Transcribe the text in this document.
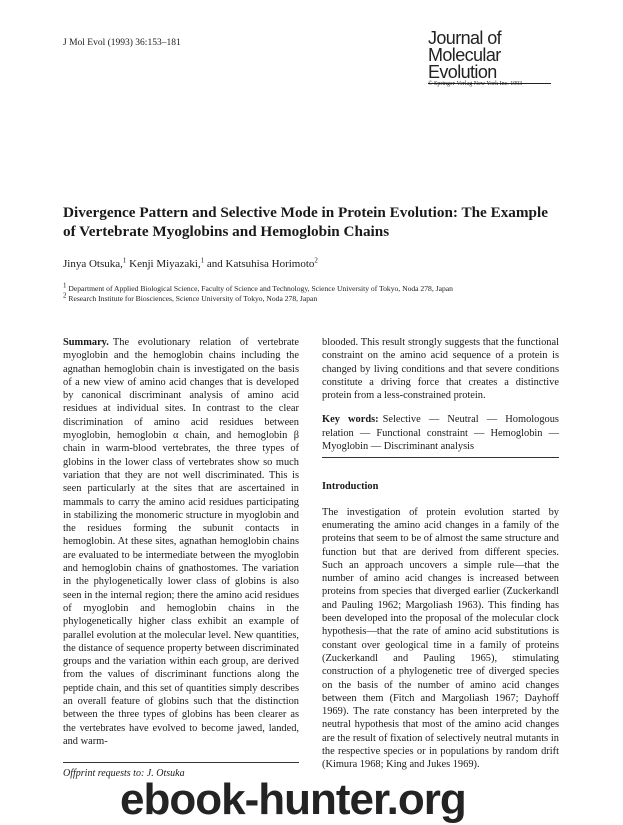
J Mol Evol (1993) 36:153–181	Journal of
Molecular Evolution
© Springer-Verlag New York Inc. 1993
Divergence Pattern and Selective Mode in Protein Evolution: The Example of Vertebrate Myoglobins and Hemoglobin Chains
Jinya Otsuka,$^1$ Kenji Miyazaki,$^1$ and Katsuhisa Horimoto$^2$
$^1$ Department of Applied Biological Science, Faculty of Science and Technology, Science University of Tokyo, Noda 278, Japan
$^2$ Research Institute for Biosciences, Science University of Tokyo, Noda 278, Japan

Summary. The evolutionary relation of vertebrate myoglobin and the hemoglobin chains including the agnathan hemoglobin chain is investigated on the basis of a new view of amino acid changes that is developed by canonical discriminant analysis of amino acid residues at individual sites. In contrast to the clear discrimination of amino acid residues between myoglobin, hemoglobin α chain, and hemoglobin β chain in warm-blood vertebrates, the three types of globins in the lower class of vertebrates show so much variation that they are not well discriminated. This is seen particularly at the sites that are ascertained in mammals to carry the amino acid residues participating in stabilizing the monomeric structure in myoglobin and the residues forming the subunit contacts in hemoglobin. At these sites, agnathan hemoglobin chains are evaluated to be intermediate between the myoglobin and hemoglobin chains of gnathostomes. The variation in the phylogenetically lower class of globins is also seen in the internal region; there the amino acid residues of myoglobin and hemoglobin chains in the phylogenetically higher class exhibit an example of parallel evolution at the molecular level. New quantities, the distance of sequence property between discriminated groups and the variation within each group, are derived from the values of discriminant functions along the peptide chain, and this set of quantities simply describes an overall feature of globins such that the distinction between the three types of globins has been clearer as the vertebrates have evolved to become jawed, landed, and warm-

blooded. This result strongly suggests that the functional constraint on the amino acid sequence of a protein is changed by living conditions and that severe conditions constitute a driving force that creates a distinctive protein from a less-constrained protein.

Key words: Selective — Neutral — Homologous relation — Functional constraint — Hemoglobin — Myoglobin — Discriminant analysis

Introduction

The investigation of protein evolution started by enumerating the amino acid changes in a family of the proteins that seem to be of almost the same structure and function but that are derived from different species. Such an approach uncovers a simple rule—that the number of amino acid changes is increased between proteins from species that diverged earlier (Zuckerkandl and Pauling 1962; Margoliash 1963). This finding has been developed into the proposal of the molecular clock hypothesis—that the rate of amino acid substitutions is constant over geological time in a family of proteins (Zuckerkandl and Pauling 1965), stimulating construction of a phylogenetic tree of diverged species on the basis of the number of amino acid changes between them (Fitch and Margoliash 1967; Dayhoff 1969). The rate constancy has been interpreted by the neutral hypothesis that most of the amino acid changes are the result of fixation of selectively neutral mutants in the respective species or in populations by random drift (Kimura 1968; King and Jukes 1969).

Offprint requests to: J. Otsuka
ebook-hunter.org
